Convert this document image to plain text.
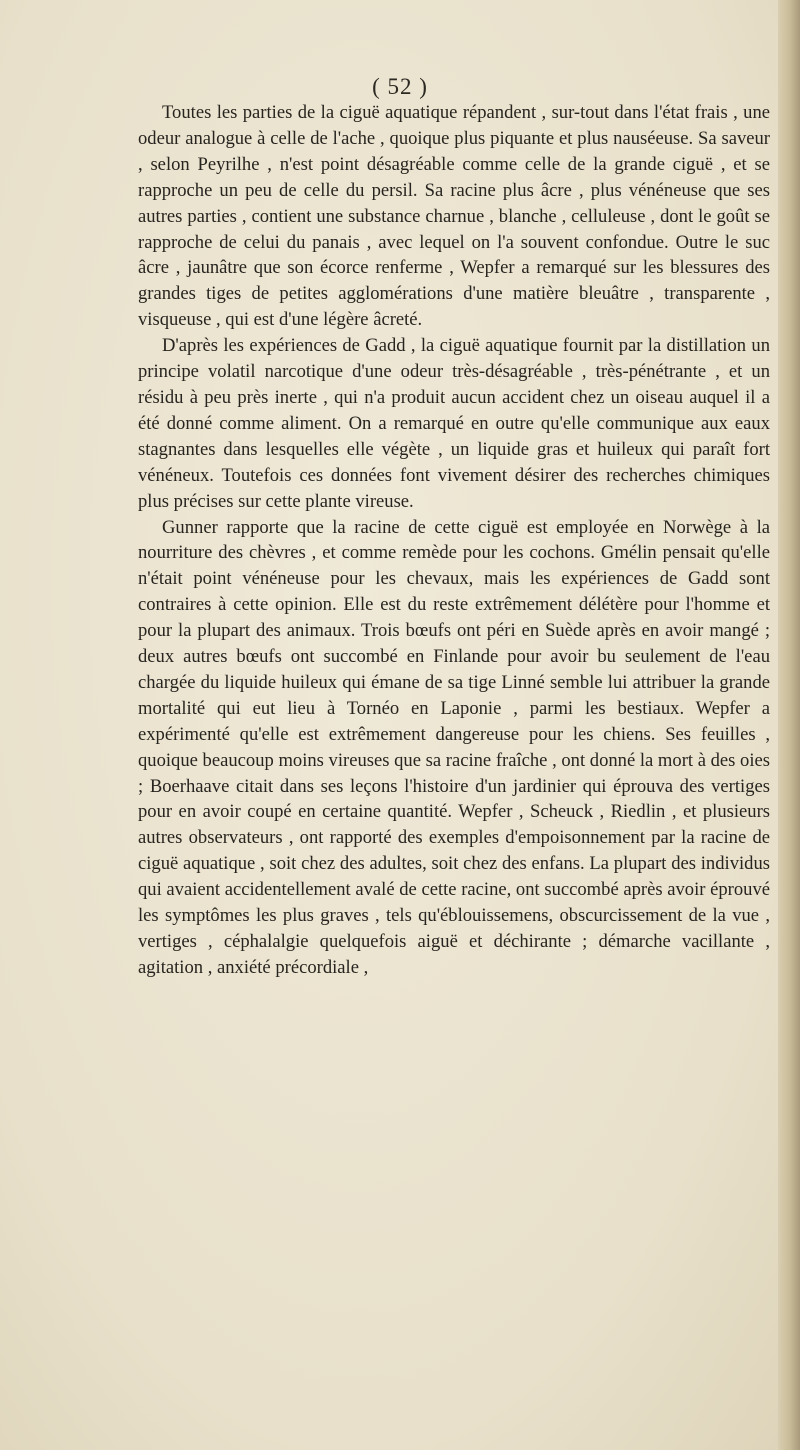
( 52 )

Toutes les parties de la ciguë aquatique répandent , sur-tout dans l'état frais , une odeur analogue à celle de l'ache , quoique plus piquante et plus nauséeuse. Sa saveur , selon Peyrilhe , n'est point désagréable comme celle de la grande ciguë , et se rapproche un peu de celle du persil. Sa racine plus âcre , plus vénéneuse que ses autres parties , contient une substance charnue , blanche , celluleuse , dont le goût se rapproche de celui du panais , avec lequel on l'a souvent confondue. Outre le suc âcre , jaunâtre que son écorce renferme , Wepfer a remarqué sur les blessures des grandes tiges de petites agglomérations d'une matière bleuâtre , transparente , visqueuse , qui est d'une légère âcreté.

D'après les expériences de Gadd , la ciguë aquatique fournit par la distillation un principe volatil narcotique d'une odeur très-désagréable , très-pénétrante , et un résidu à peu près inerte , qui n'a produit aucun accident chez un oiseau auquel il a été donné comme aliment. On a remarqué en outre qu'elle communique aux eaux stagnantes dans lesquelles elle végète , un liquide gras et huileux qui paraît fort vénéneux. Toutefois ces données font vivement désirer des recherches chimiques plus précises sur cette plante vireuse.

Gunner rapporte que la racine de cette ciguë est employée en Norwège à la nourriture des chèvres , et comme remède pour les cochons. Gmélin pensait qu'elle n'était point vénéneuse pour les chevaux, mais les expériences de Gadd sont contraires à cette opinion. Elle est du reste extrêmement délétère pour l'homme et pour la plupart des animaux. Trois bœufs ont péri en Suède après en avoir mangé ; deux autres bœufs ont succombé en Finlande pour avoir bu seulement de l'eau chargée du liquide huileux qui émane de sa tige Linné semble lui attribuer la grande mortalité qui eut lieu à Tornéo en Laponie , parmi les bestiaux. Wepfer a expérimenté qu'elle est extrêmement dangereuse pour les chiens. Ses feuilles , quoique beaucoup moins vireuses que sa racine fraîche , ont donné la mort à des oies ; Boerhaave citait dans ses leçons l'histoire d'un jardinier qui éprouva des vertiges pour en avoir coupé en certaine quantité. Wepfer , Scheuck , Riedlin , et plusieurs autres observateurs , ont rapporté des exemples d'empoisonnement par la racine de ciguë aquatique , soit chez des adultes, soit chez des enfans. La plupart des individus qui avaient accidentellement avalé de cette racine, ont succombé après avoir éprouvé les symptômes les plus graves , tels qu'éblouissemens, obscurcissement de la vue , vertiges , céphalalgie quelquefois aiguë et déchirante ; démarche vacillante , agitation , anxiété précordiale ,
